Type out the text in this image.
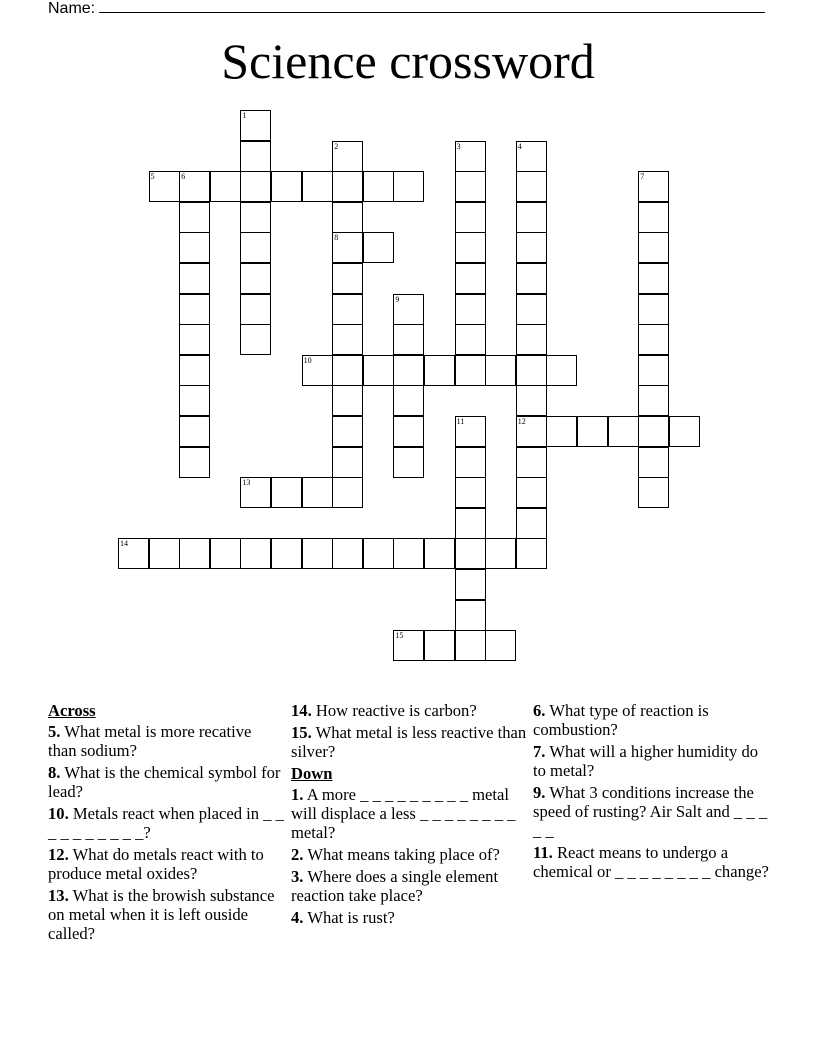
Name:
Science crossword
1
2
8
3	4
12
5	6	7
9
10
11
13
14
15
Across
5. What metal is more recative than sodium?
8. What is the chemical symbol for lead?
10. Metals react when placed in _ _ _ _ _ _ _ _ _ _?
12. What do metals react with to produce metal oxides?
13. What is the browish substance on metal when it is left ouside called?
14. How reactive is carbon?
15. What metal is less reactive than silver?
Down
1. A more _ _ _ _ _ _ _ _ _ metal will displace a less _ _ _ _ _ _ _ _ metal?
2. What means taking place of?
3. Where does a single element reaction take place?
4. What is rust?
6. What type of reaction is combustion?
7. What will a higher humidity do to metal?
9. What 3 conditions increase the speed of rusting? Air Salt and _ _ _ _ _
11. React means to undergo a chemical or _ _ _ _ _ _ _ _ change?
